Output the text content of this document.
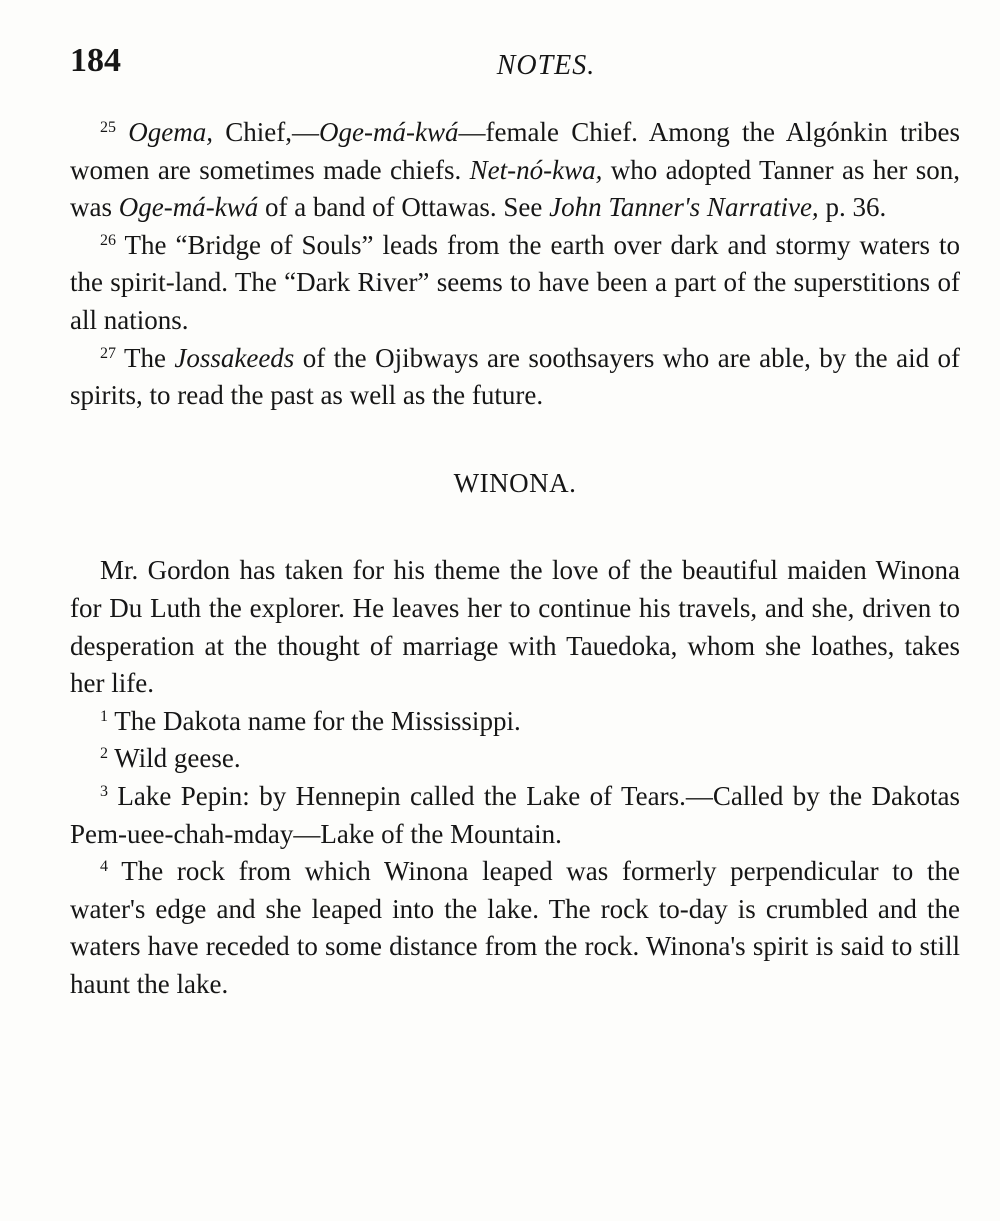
184	NOTES.

$^{25}$ Ogema, Chief,—Oge-má-kwá—female Chief. Among the Algónkin tribes women are sometimes made chiefs. Net-nó-kwa, who adopted Tanner as her son, was Oge-má-kwá of a band of Ottawas. See John Tanner's Narrative, p. 36.

$^{26}$ The “Bridge of Souls” leads from the earth over dark and stormy waters to the spirit-land. The “Dark River” seems to have been a part of the superstitions of all nations.

$^{27}$ The Jossakeeds of the Ojibways are soothsayers who are able, by the aid of spirits, to read the past as well as the future.

WINONA.

Mr. Gordon has taken for his theme the love of the beautiful maiden Winona for Du Luth the explorer. He leaves her to continue his travels, and she, driven to desperation at the thought of marriage with Tauedoka, whom she loathes, takes her life.

$^1$ The Dakota name for the Mississippi.

$^2$ Wild geese.

$^3$ Lake Pepin: by Hennepin called the Lake of Tears.—Called by the Dakotas Pem-uee-chah-mday—Lake of the Mountain.

$^4$ The rock from which Winona leaped was formerly perpendicular to the water's edge and she leaped into the lake. The rock to-day is crumbled and the waters have receded to some distance from the rock. Winona's spirit is said to still haunt the lake.
